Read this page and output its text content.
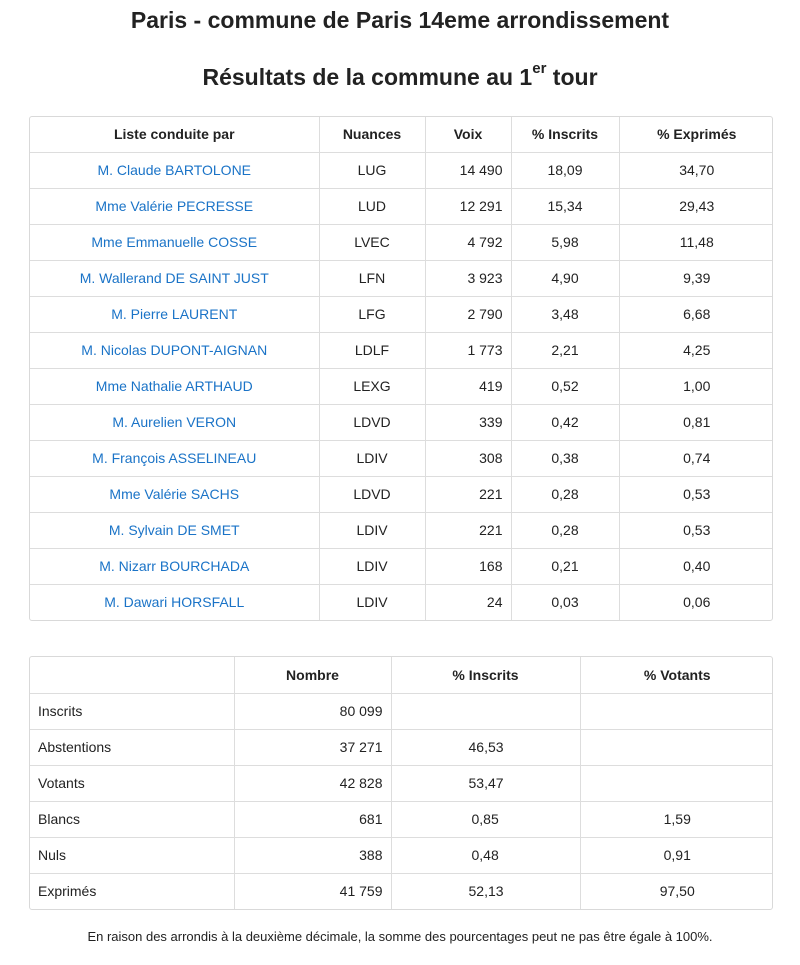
Paris - commune de Paris 14eme arrondissement
Résultats de la commune au 1er tour
Liste conduite par	Nuances	Voix	% Inscrits	% Exprimés
M. Claude BARTOLONE	LUG	14 490	18,09	34,70
Mme Valérie PECRESSE	LUD	12 291	15,34	29,43
Mme Emmanuelle COSSE	LVEC	4 792	5,98	11,48
M. Wallerand DE SAINT JUST	LFN	3 923	4,90	9,39
M. Pierre LAURENT	LFG	2 790	3,48	6,68
M. Nicolas DUPONT-AIGNAN	LDLF	1 773	2,21	4,25
Mme Nathalie ARTHAUD	LEXG	419	0,52	1,00
M. Aurelien VERON	LDVD	339	0,42	0,81
M. François ASSELINEAU	LDIV	308	0,38	0,74
Mme Valérie SACHS	LDVD	221	0,28	0,53
M. Sylvain DE SMET	LDIV	221	0,28	0,53
M. Nizarr BOURCHADA	LDIV	168	0,21	0,40
M. Dawari HORSFALL	LDIV	24	0,03	0,06
	Nombre	% Inscrits	% Votants
Inscrits	80 099		
Abstentions	37 271	46,53	
Votants	42 828	53,47	
Blancs	681	0,85	1,59
Nuls	388	0,48	0,91
Exprimés	41 759	52,13	97,50

En raison des arrondis à la deuxième décimale, la somme des pourcentages peut ne pas être égale à 100%.
